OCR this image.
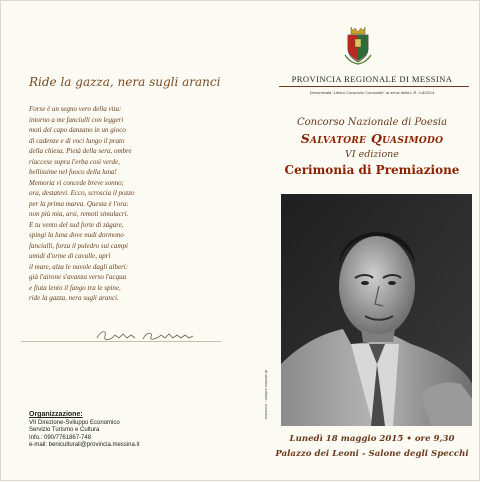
Ride la gazza, nera sugli aranci
Forse è un segno vero della vita:
intorno a me fanciulli con leggeri
moti del capo danzano in un gioco
di cadenze e di voci lungo il prato
della chiesa. Pietà della sera, ombre
riaccese sopra l'erba così verde,
bellissime nel fuoco della luna!
Memoria vi concede breve sonno;
ora, destatevi. Ecco, scroscia il pozzo
per la prima marea. Questa è l'ora:
non più mia, arsi, remoti simulacri.
E tu vento del sud forte di zàgare,
spingi la luna dove nudi dormono
fanciulli, forza il puledro sui campi
umidi d'orme di cavalle, apri
il mare, alza le nuvole dagli alberi:
già l'airone s'avanza verso l'acqua
e fiuta lento il fango tra le spine,
ride la gazza, nera sugli aranci.
Organizzazione:
VII Direzione-Sviluppo Economico
Servizio Turismo e Cultura
Info.: 090/7761867-748
e-mail: beniculturali@provincia.messina.it
di stefano editore - messina
PROVINCIA REGIONALE DI MESSINA
Denominata "Libero Consorzio Comunale" ai sensi della L.R. n.8/2014
Concorso Nazionale di Poesia
Salvatore Quasimodo
VI edizione
Cerimonia di Premiazione
Lunedì 18 maggio 2015 • ore 9,30
Palazzo dei Leoni - Salone degli Specchi
